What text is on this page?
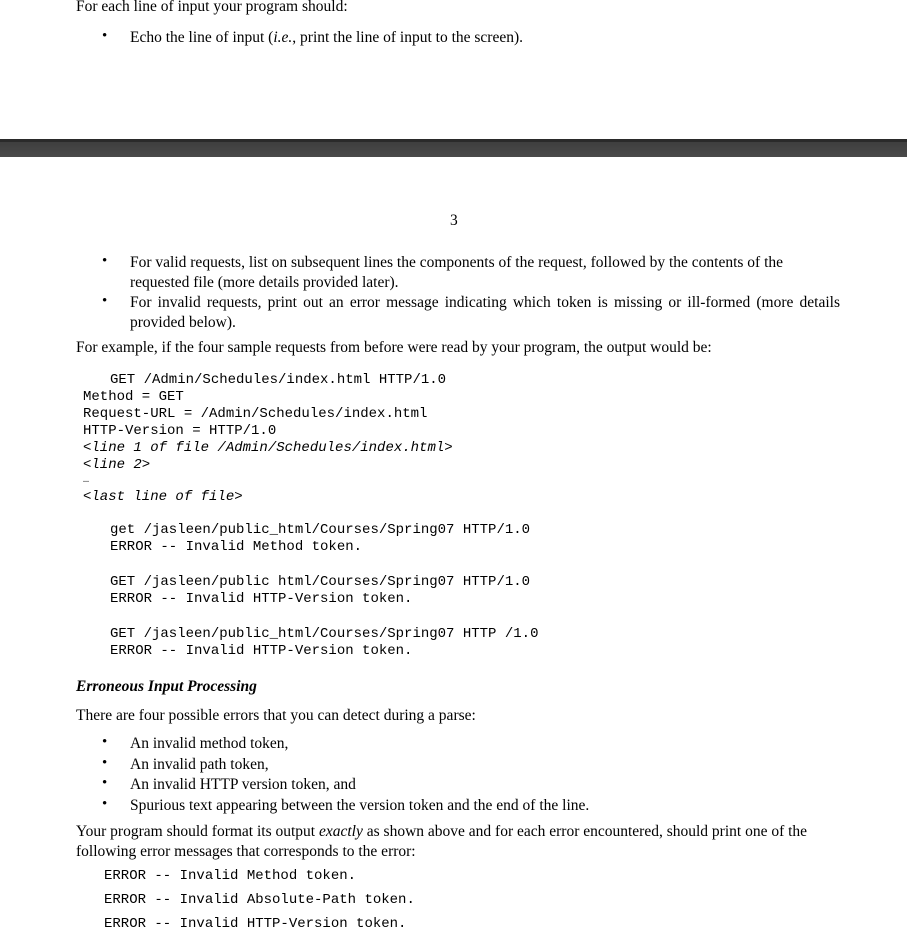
For each line of input your program should:
• Echo the line of input (i.e., print the line of input to the screen).
3
• For valid requests, list on subsequent lines the components of the request, followed by the contents of the requested file (more details provided later).
• For invalid requests, print out an error message indicating which token is missing or ill-formed (more details provided below).
For example, if the four sample requests from before were read by your program, the output would be:
GET /Admin/Schedules/index.html HTTP/1.0
Method = GET
Request-URL = /Admin/Schedules/index.html
HTTP-Version = HTTP/1.0
<line 1 of file /Admin/Schedules/index.html>
<line 2>
…
<last line of file>
get /jasleen/public_html/Courses/Spring07 HTTP/1.0
ERROR -- Invalid Method token.
GET /jasleen/public html/Courses/Spring07 HTTP/1.0
ERROR -- Invalid HTTP-Version token.
GET /jasleen/public_html/Courses/Spring07 HTTP /1.0
ERROR -- Invalid HTTP-Version token.
Erroneous Input Processing
There are four possible errors that you can detect during a parse:
• An invalid method token,
• An invalid path token,
• An invalid HTTP version token, and
• Spurious text appearing between the version token and the end of the line.
Your program should format its output exactly as shown above and for each error encountered, should print one of the following error messages that corresponds to the error:
ERROR -- Invalid Method token.
ERROR -- Invalid Absolute-Path token.
ERROR -- Invalid HTTP-Version token.
